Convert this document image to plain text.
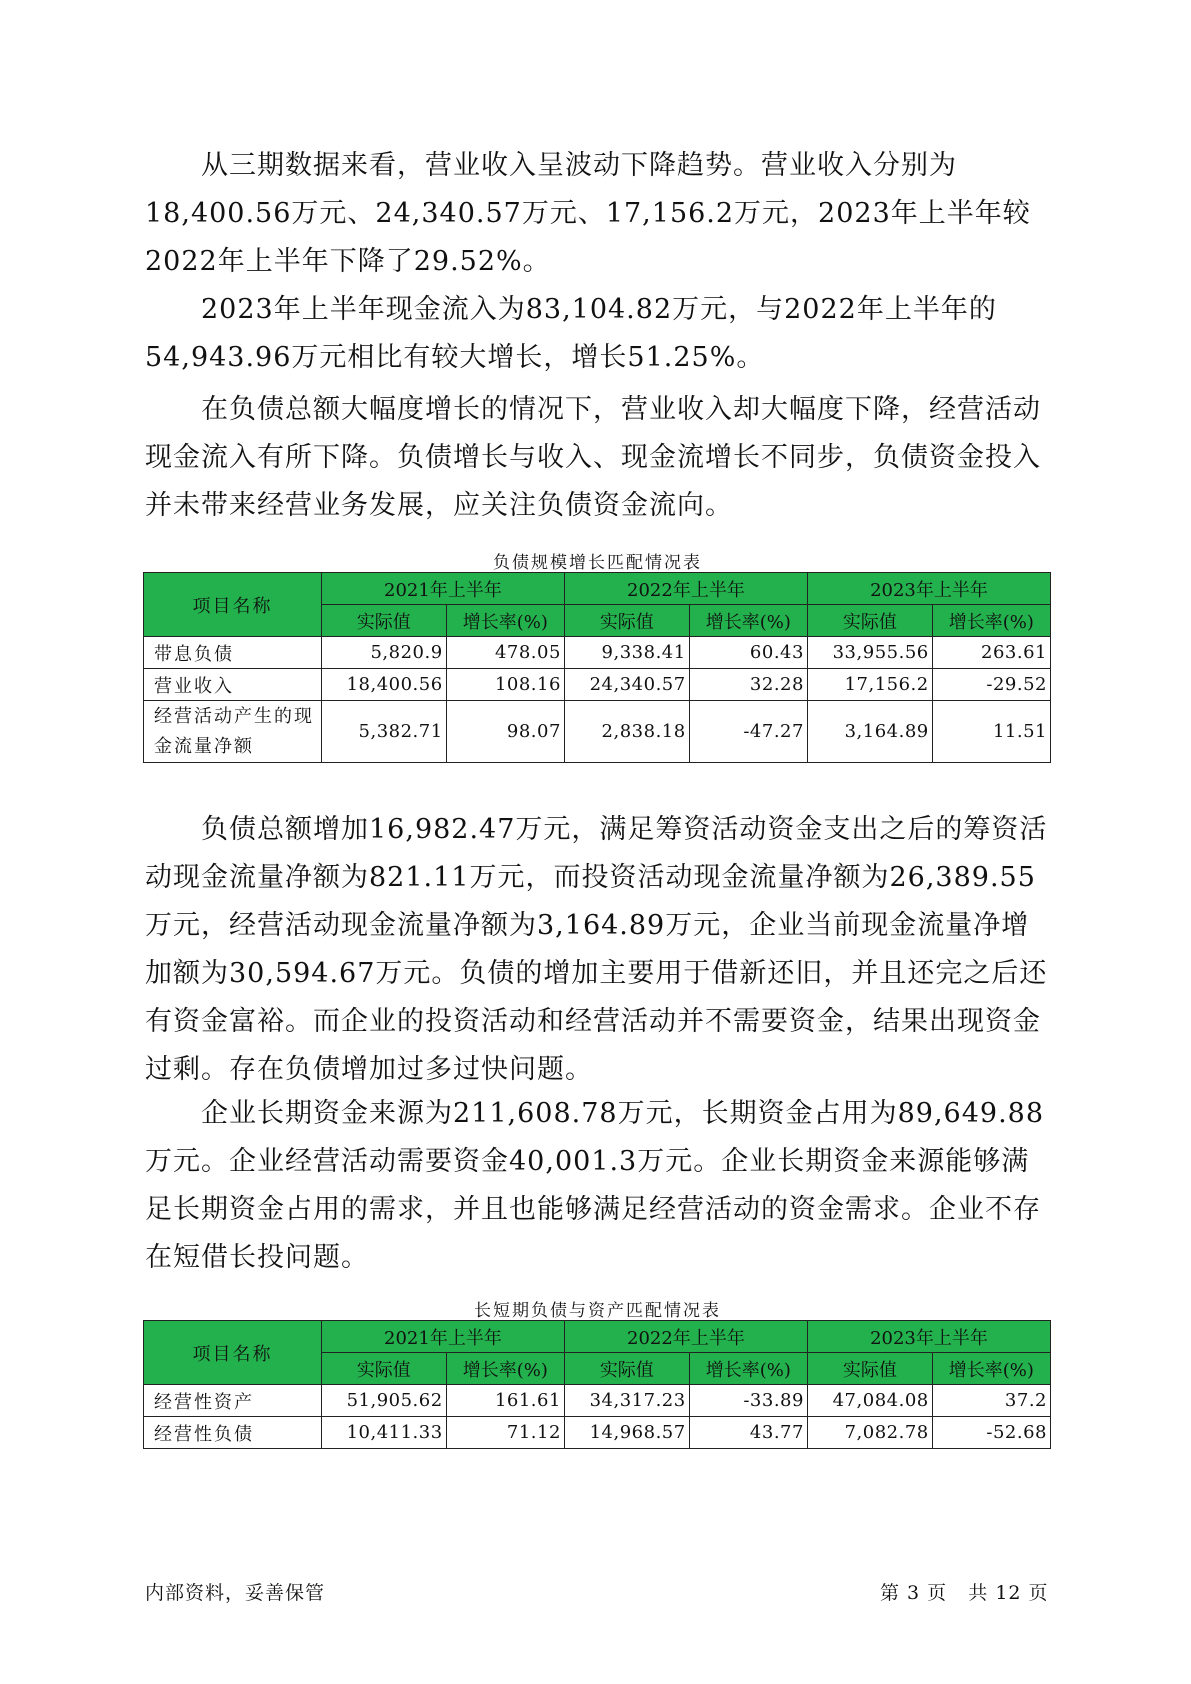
从三期数据来看，营业收入呈波动下降趋势。营业收入分别为18,400.56万元、24,340.57万元、17,156.2万元，2023年上半年较2022年上半年下降了29.52%。

2023年上半年现金流入为83,104.82万元，与2022年上半年的54,943.96万元相比有较大增长，增长51.25%。

在负债总额大幅度增长的情况下，营业收入却大幅度下降，经营活动现金流入有所下降。负债增长与收入、现金流增长不同步，负债资金投入并未带来经营业务发展，应关注负债资金流向。

负债规模增长匹配情况表
项目名称	2021年上半年		2022年上半年		2023年上半年	
	实际值	增长率(%)	实际值	增长率(%)	实际值	增长率(%)
带息负债	5,820.9	478.05	9,338.41	60.43	33,955.56	263.61
营业收入	18,400.56	108.16	24,340.57	32.28	17,156.2	-29.52
经营活动产生的现金流量净额	5,382.71	98.07	2,838.18	-47.27	3,164.89	11.51

负债总额增加16,982.47万元，满足筹资活动资金支出之后的筹资活动现金流量净额为821.11万元，而投资活动现金流量净额为26,389.55万元，经营活动现金流量净额为3,164.89万元，企业当前现金流量净增加额为30,594.67万元。负债的增加主要用于借新还旧，并且还完之后还有资金富裕。而企业的投资活动和经营活动并不需要资金，结果出现资金过剩。存在负债增加过多过快问题。

企业长期资金来源为211,608.78万元，长期资金占用为89,649.88万元。企业经营活动需要资金40,001.3万元。企业长期资金来源能够满足长期资金占用的需求，并且也能够满足经营活动的资金需求。企业不存在短借长投问题。

长短期负债与资产匹配情况表
项目名称	2021年上半年		2022年上半年		2023年上半年	
	实际值	增长率(%)	实际值	增长率(%)	实际值	增长率(%)
经营性资产	51,905.62	161.61	34,317.23	-33.89	47,084.08	37.2
经营性负债	10,411.33	71.12	14,968.57	43.77	7,082.78	-52.68
内部资料，妥善保管	第 3 页   共 12 页
